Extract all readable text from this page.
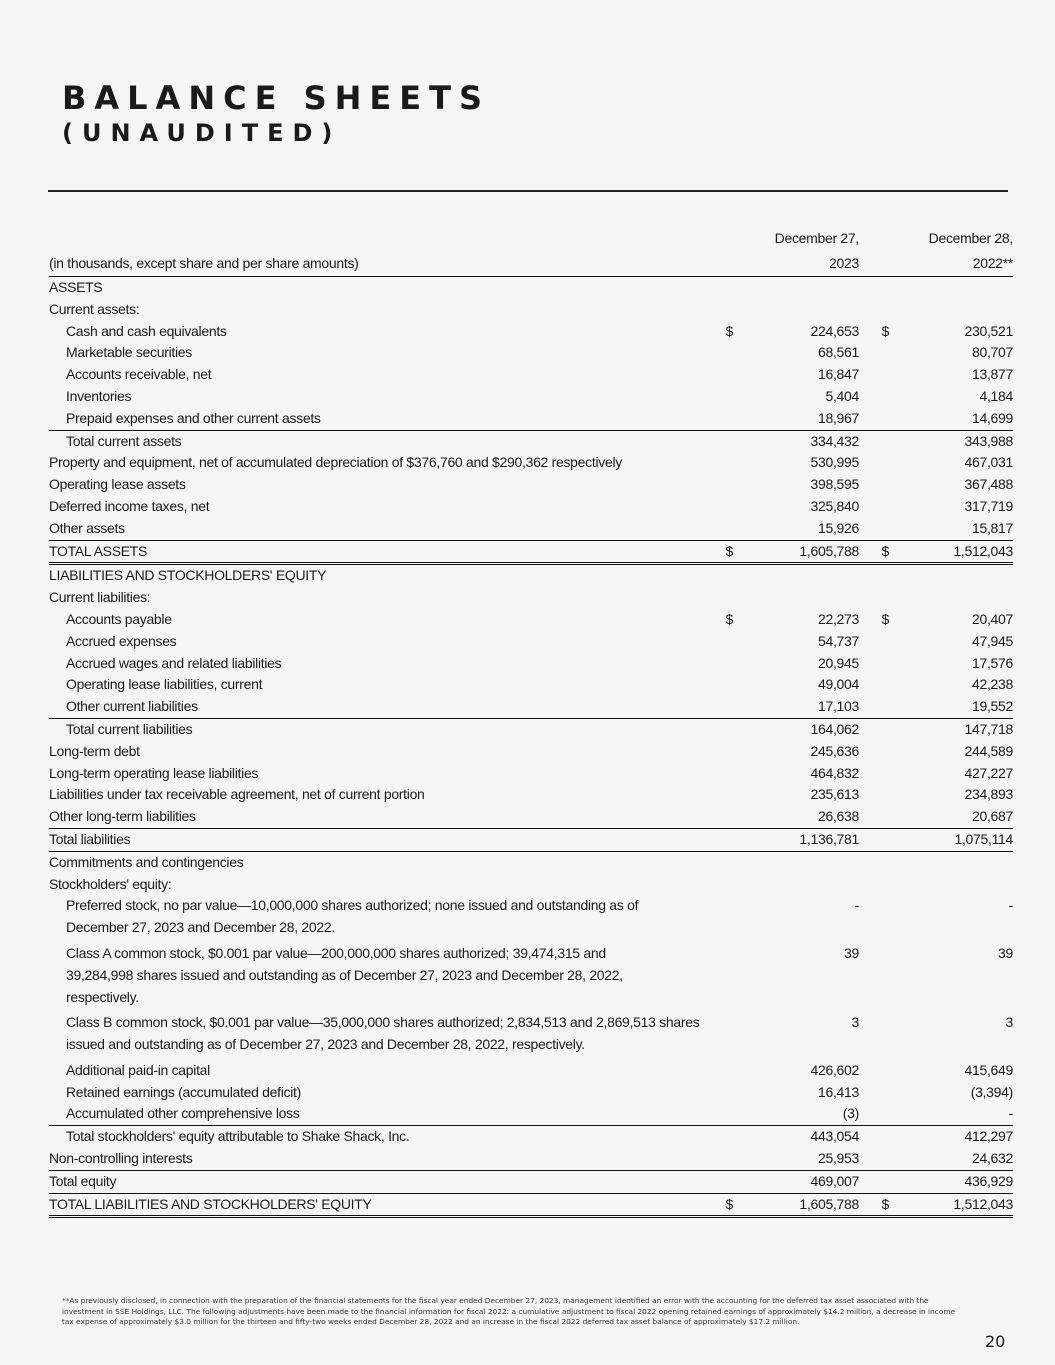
BALANCE SHEETS
(UNAUDITED)
	December 27,		December 28,	
(in thousands, except share and per share amounts)	2023		2022**	
ASSETS				
Current assets:				
Cash and cash equivalents	$	224,653	$	230,521
Marketable securities		68,561		80,707
Accounts receivable, net		16,847		13,877
Inventories		5,404		4,184
Prepaid expenses and other current assets		18,967		14,699
Total current assets		334,432		343,988
Property and equipment, net of accumulated depreciation of $376,760 and $290,362 respectively		530,995		467,031
Operating lease assets		398,595		367,488
Deferred income taxes, net		325,840		317,719
Other assets		15,926		15,817
TOTAL ASSETS	$	1,605,788	$	1,512,043
LIABILITIES AND STOCKHOLDERS' EQUITY				
Current liabilities:				
Accounts payable	$	22,273	$	20,407
Accrued expenses		54,737		47,945
Accrued wages and related liabilities		20,945		17,576
Operating lease liabilities, current		49,004		42,238
Other current liabilities		17,103		19,552
Total current liabilities		164,062		147,718
Long-term debt		245,636		244,589
Long-term operating lease liabilities		464,832		427,227
Liabilities under tax receivable agreement, net of current portion		235,613		234,893
Other long-term liabilities		26,638		20,687
Total liabilities		1,136,781		1,075,114
Commitments and contingencies				
Stockholders' equity:				

Preferred stock, no par value—10,000,000 shares authorized; none issued and outstanding as of December 27, 2023 and December 28, 2022.		-		-

Class A common stock, $0.001 par value—200,000,000 shares authorized; 39,474,315 and 39,284,998 shares issued and outstanding as of December 27, 2023 and December 28, 2022, respectively.		39		39

Class B common stock, $0.001 par value—35,000,000 shares authorized; 2,834,513 and 2,869,513 shares issued and outstanding as of December 27, 2023 and December 28, 2022, respectively.		3		3
Additional paid-in capital		426,602		415,649
Retained earnings (accumulated deficit)		16,413		(3,394)
Accumulated other comprehensive loss		(3)		-
Total stockholders' equity attributable to Shake Shack, Inc.		443,054		412,297
Non-controlling interests		25,953		24,632
Total equity		469,007		436,929
TOTAL LIABILITIES AND STOCKHOLDERS' EQUITY	$	1,605,788	$	1,512,043
**As previously disclosed, in connection with the preparation of the financial statements for the fiscal year ended December 27, 2023, management identified an error with the accounting for the deferred tax asset associated with the investment in SSE Holdings, LLC. The following adjustments have been made to the financial information for fiscal 2022: a cumulative adjustment to fiscal 2022 opening retained earnings of approximately $14.2 million, a decrease in income tax expense of approximately $3.0 million for the thirteen and fifty-two weeks ended December 28, 2022 and an increase in the fiscal 2022 deferred tax asset balance of approximately $17.2 million.
20
